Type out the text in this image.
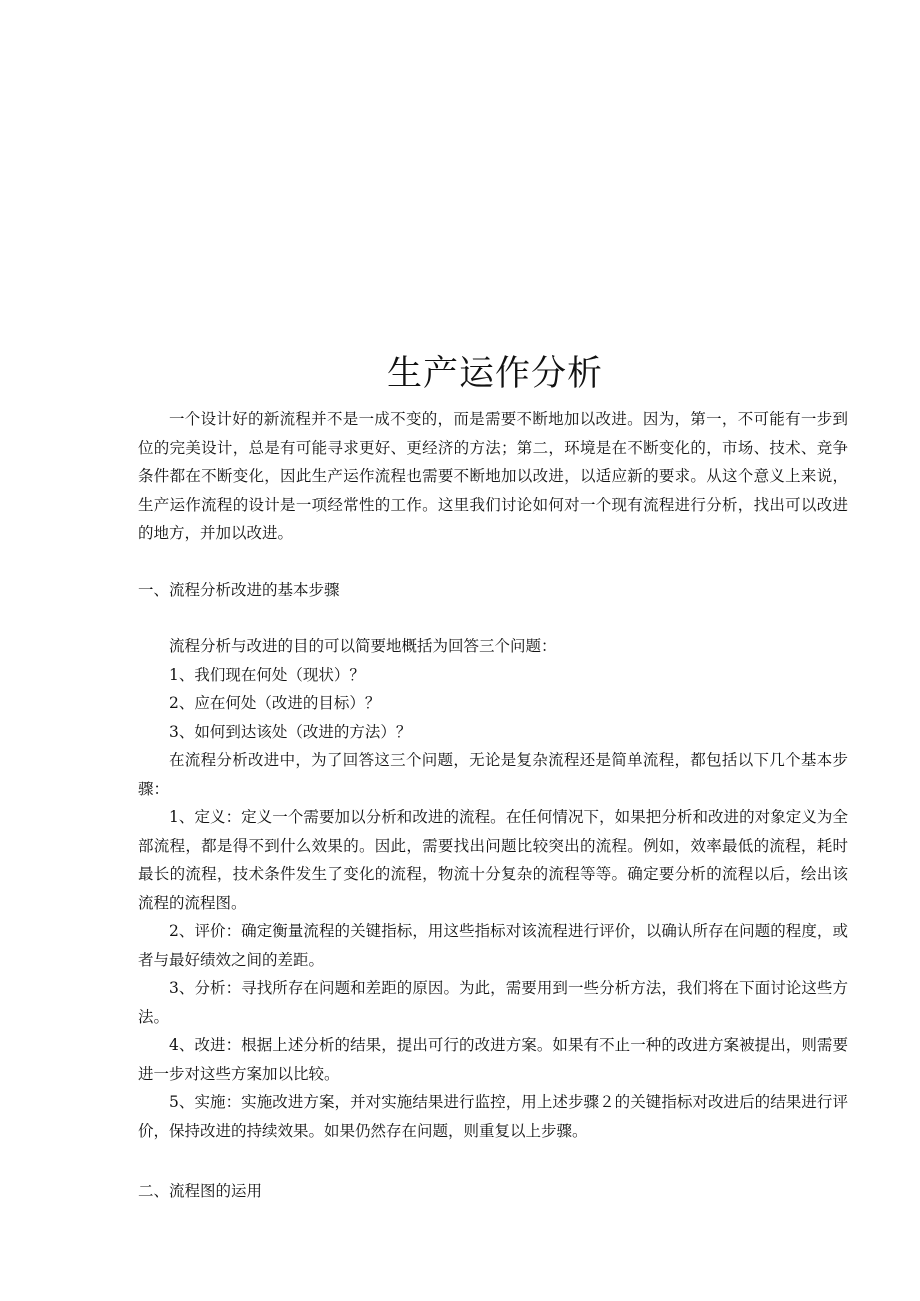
生产运作分析

一个设计好的新流程并不是一成不变的，而是需要不断地加以改进。因为，第一，不可能有一步到位的完美设计，总是有可能寻求更好、更经济的方法；第二，环境是在不断变化的，市场、技术、竞争条件都在不断变化，因此生产运作流程也需要不断地加以改进，以适应新的要求。从这个意义上来说，生产运作流程的设计是一项经常性的工作。这里我们讨论如何对一个现有流程进行分析，找出可以改进的地方，并加以改进。

一、流程分析改进的基本步骤

流程分析与改进的目的可以简要地概括为回答三个问题：

1、我们现在何处（现状）？

2、应在何处（改进的目标）？

3、如何到达该处（改进的方法）？

在流程分析改进中，为了回答这三个问题，无论是复杂流程还是简单流程，都包括以下几个基本步骤：

1、定义：定义一个需要加以分析和改进的流程。在任何情况下，如果把分析和改进的对象定义为全部流程，都是得不到什么效果的。因此，需要找出问题比较突出的流程。例如，效率最低的流程，耗时最长的流程，技术条件发生了变化的流程，物流十分复杂的流程等等。确定要分析的流程以后，绘出该流程的流程图。

2、评价：确定衡量流程的关键指标，用这些指标对该流程进行评价，以确认所存在问题的程度，或者与最好绩效之间的差距。

3、分析：寻找所存在问题和差距的原因。为此，需要用到一些分析方法，我们将在下面讨论这些方法。

4、改进：根据上述分析的结果，提出可行的改进方案。如果有不止一种的改进方案被提出，则需要进一步对这些方案加以比较。

5、实施：实施改进方案，并对实施结果进行监控，用上述步骤２的关键指标对改进后的结果进行评价，保持改进的持续效果。如果仍然存在问题，则重复以上步骤。

二、流程图的运用
